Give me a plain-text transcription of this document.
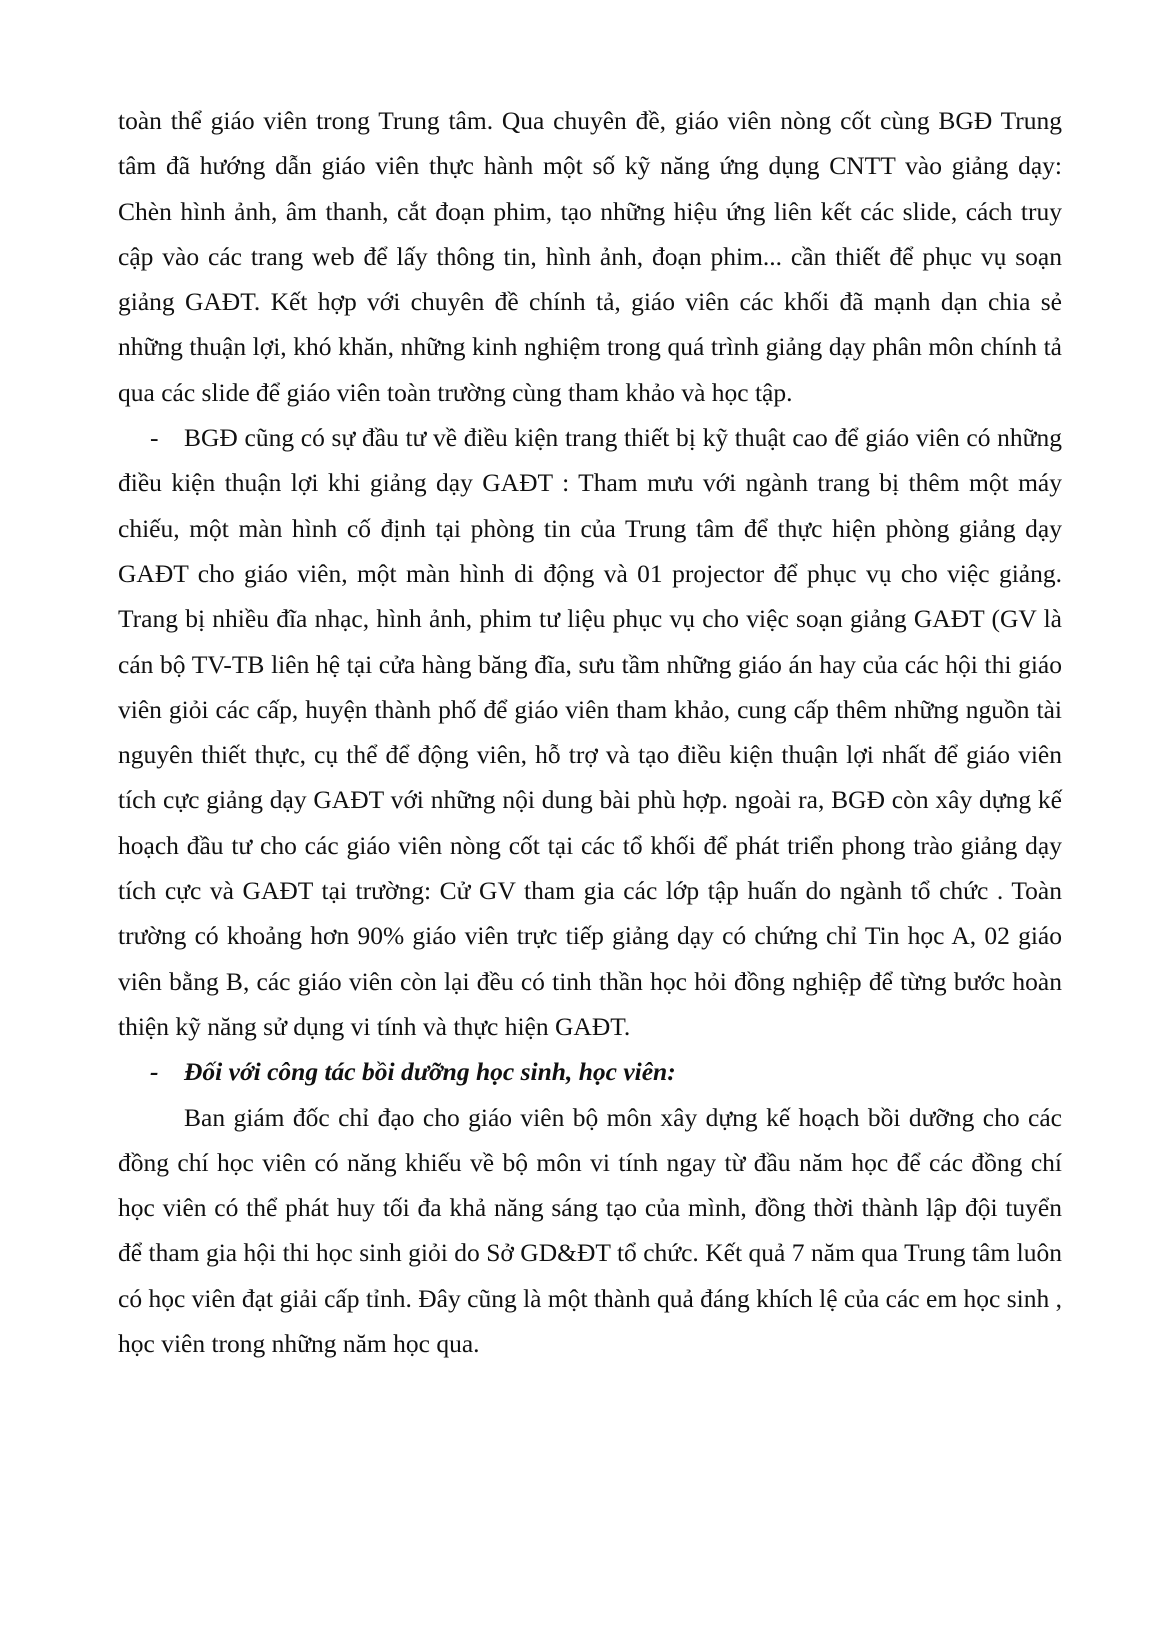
toàn thể giáo viên trong Trung tâm. Qua chuyên đề, giáo viên nòng cốt cùng BGĐ Trung tâm đã hướng dẫn giáo viên thực hành một số kỹ năng ứng dụng CNTT vào giảng dạy: Chèn hình ảnh, âm thanh, cắt đoạn phim, tạo những hiệu ứng liên kết các slide, cách truy cập vào các trang web để lấy thông tin, hình ảnh, đoạn phim... cần thiết để phục vụ soạn giảng GAĐT. Kết hợp với chuyên đề chính tả, giáo viên các khối đã mạnh dạn chia sẻ những thuận lợi, khó khăn, những kinh nghiệm trong quá trình giảng dạy phân môn chính tả qua các slide để giáo viên toàn trường cùng tham khảo và học tập.

- BGĐ cũng có sự đầu tư về điều kiện trang thiết bị kỹ thuật cao để giáo viên có những điều kiện thuận lợi khi giảng dạy GAĐT : Tham mưu với ngành trang bị thêm một máy chiếu, một màn hình cố định tại phòng tin của Trung tâm để thực hiện phòng giảng dạy GAĐT cho giáo viên, một màn hình di động và 01 projector để phục vụ cho việc giảng. Trang bị nhiều đĩa nhạc, hình ảnh, phim tư liệu phục vụ cho việc soạn giảng GAĐT (GV là cán bộ TV-TB liên hệ tại cửa hàng băng đĩa, sưu tầm những giáo án hay của các hội thi giáo viên giỏi các cấp, huyện thành phố để giáo viên tham khảo, cung cấp thêm những nguồn tài nguyên thiết thực, cụ thể để động viên, hỗ trợ và tạo điều kiện thuận lợi nhất để giáo viên tích cực giảng dạy GAĐT với những nội dung bài phù hợp. ngoài ra, BGĐ còn xây dựng kế hoạch đầu tư cho các giáo viên nòng cốt tại các tổ khối để phát triển phong trào giảng dạy tích cực và GAĐT tại trường: Cử GV tham gia các lớp tập huấn do ngành tổ chức . Toàn trường có khoảng hơn 90% giáo viên trực tiếp giảng dạy có chứng chỉ Tin học A, 02 giáo viên bằng B, các giáo viên còn lại đều có tinh thần học hỏi đồng nghiệp để từng bước hoàn thiện kỹ năng sử dụng vi tính và thực hiện GAĐT.

- Đối với công tác bồi dưỡng học sinh, học viên:

Ban giám đốc chỉ đạo cho giáo viên bộ môn xây dựng kế hoạch bồi dưỡng cho các đồng chí học viên có năng khiếu về bộ môn vi tính ngay từ đầu năm học để các đồng chí học viên có thể phát huy tối đa khả năng sáng tạo của mình, đồng thời thành lập đội tuyển để tham gia hội thi học sinh giỏi do Sở GD&ĐT tổ chức. Kết quả 7 năm qua Trung tâm luôn có học viên đạt giải cấp tỉnh. Đây cũng là một thành quả đáng khích lệ của các em học sinh , học viên trong những năm học qua.
